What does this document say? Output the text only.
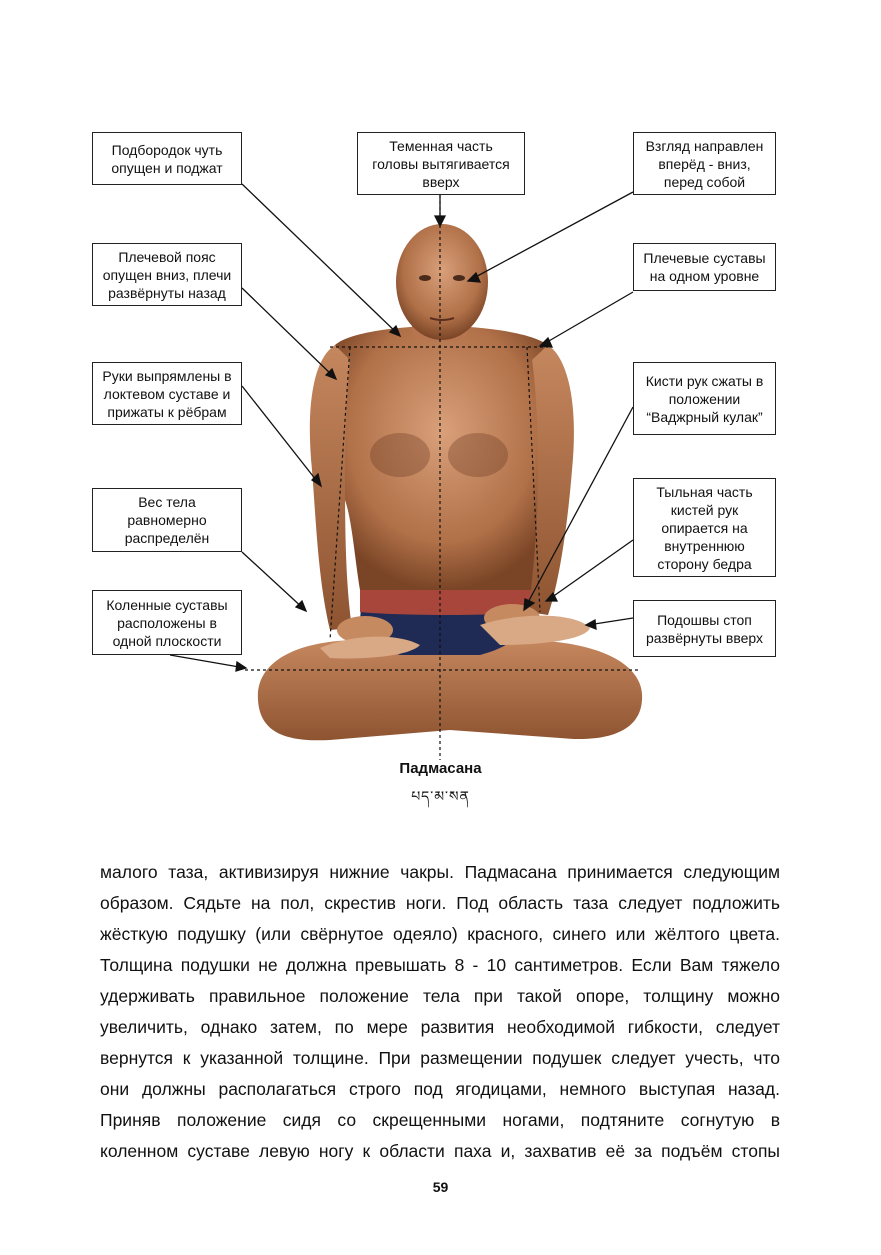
Подбородок чуть
опущен и поджат
Теменная часть
головы вытягивается
вверх
Взгляд направлен
вперёд - вниз,
перед собой
Плечевой пояс
опущен вниз, плечи
развёрнуты назад
Плечевые суставы
на одном уровне
Руки выпрямлены в
локтевом суставе и
прижаты к рёбрам
Кисти рук сжаты в
положении
“Ваджрный кулак”
Вес тела
равномерно
распределён
Тыльная часть
кистей рук
опирается на
внутреннюю
сторону бедра
Коленные суставы
расположены в
одной плоскости
Подошвы стоп
развёрнуты вверх
Падмасана
པད་མ་སན
малого таза, активизируя нижние чакры. Падмасана принимается следующим
образом. Сядьте на пол, скрестив ноги. Под область таза следует подложить
жёсткую подушку (или свёрнутое одеяло) красного, синего или жёлтого цвета.
Толщина подушки не должна превышать 8 - 10 сантиметров. Если Вам тяжело
удерживать правильное положение тела при такой опоре, толщину можно
увеличить, однако затем, по мере развития необходимой гибкости, следует
вернутся к указанной толщине. При размещении подушек следует учесть, что
они должны располагаться строго под ягодицами, немного выступая назад.
Приняв положение сидя со скрещенными ногами, подтяните согнутую в
коленном суставе левую ногу к области паха и, захватив её за подъём стопы
59
